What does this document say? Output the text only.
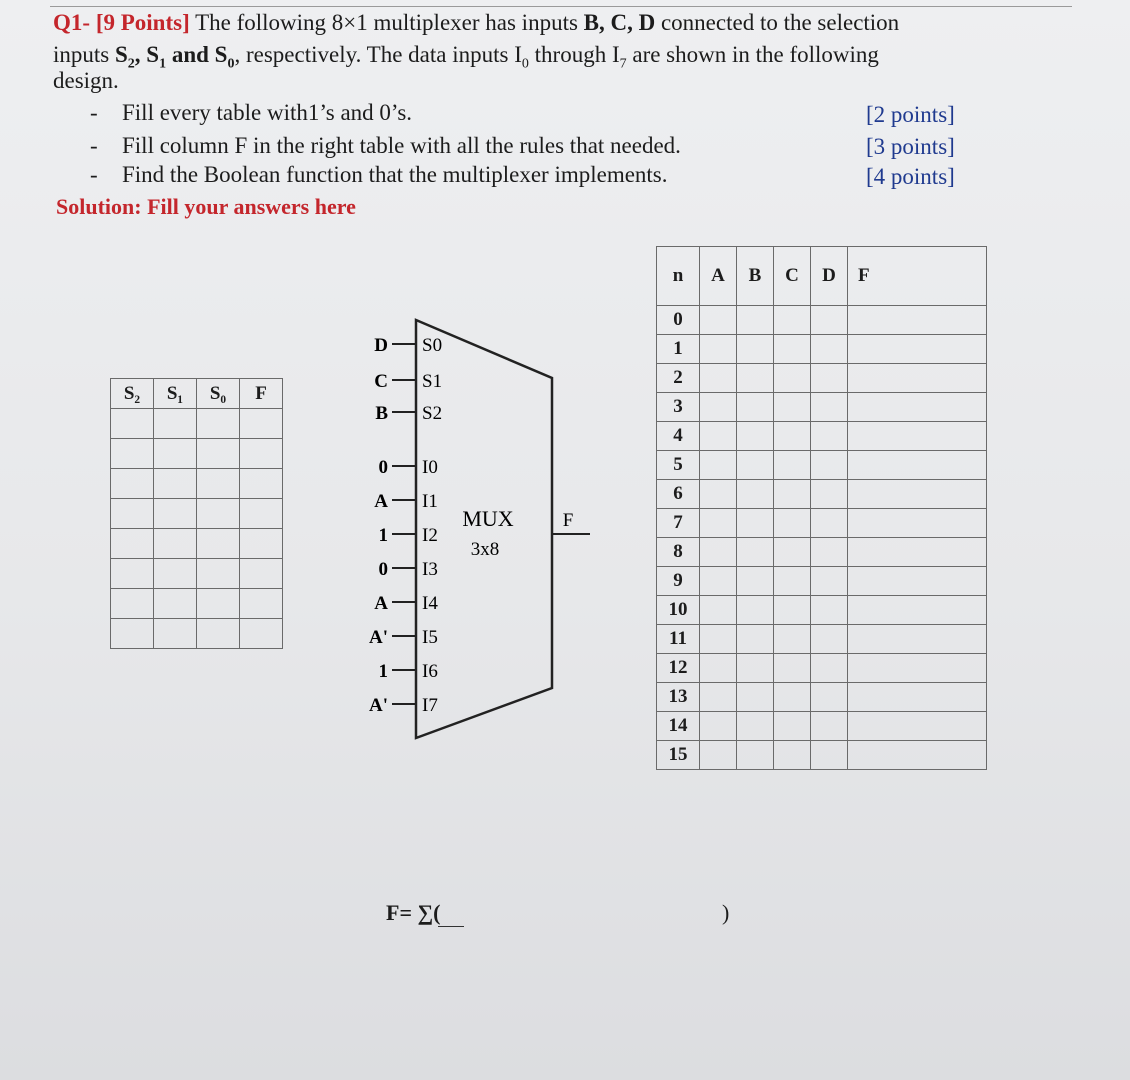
Q1- [9 Points] The following 8×1 multiplexer has inputs B, C, D connected to the selection
inputs $S_2$, $S_1$ and $S_0$, respectively. The data inputs $I_0$ through $I_7$ are shown in the following
design.
- Fill every table with1’s and 0’s.
- Fill column F in the right table with all the rules that needed.
- Find the Boolean function that the multiplexer implements.
[2 points]
[3 points]
[4 points]
Solution: Fill your answers here
S₂	S₁	S₀	F

D S0
C S1
B S2
0 I0
A I1
1 I2
0 I3
A I4
A' I5
1 I6
A' I7
MUX
3x8
F
n	A	B	C	D	F
0					
1					
2					
3					
4					
5					
6					
7					
8					
9					
10					
11					
12					
13					
14					
15					
F= ∑(	)
